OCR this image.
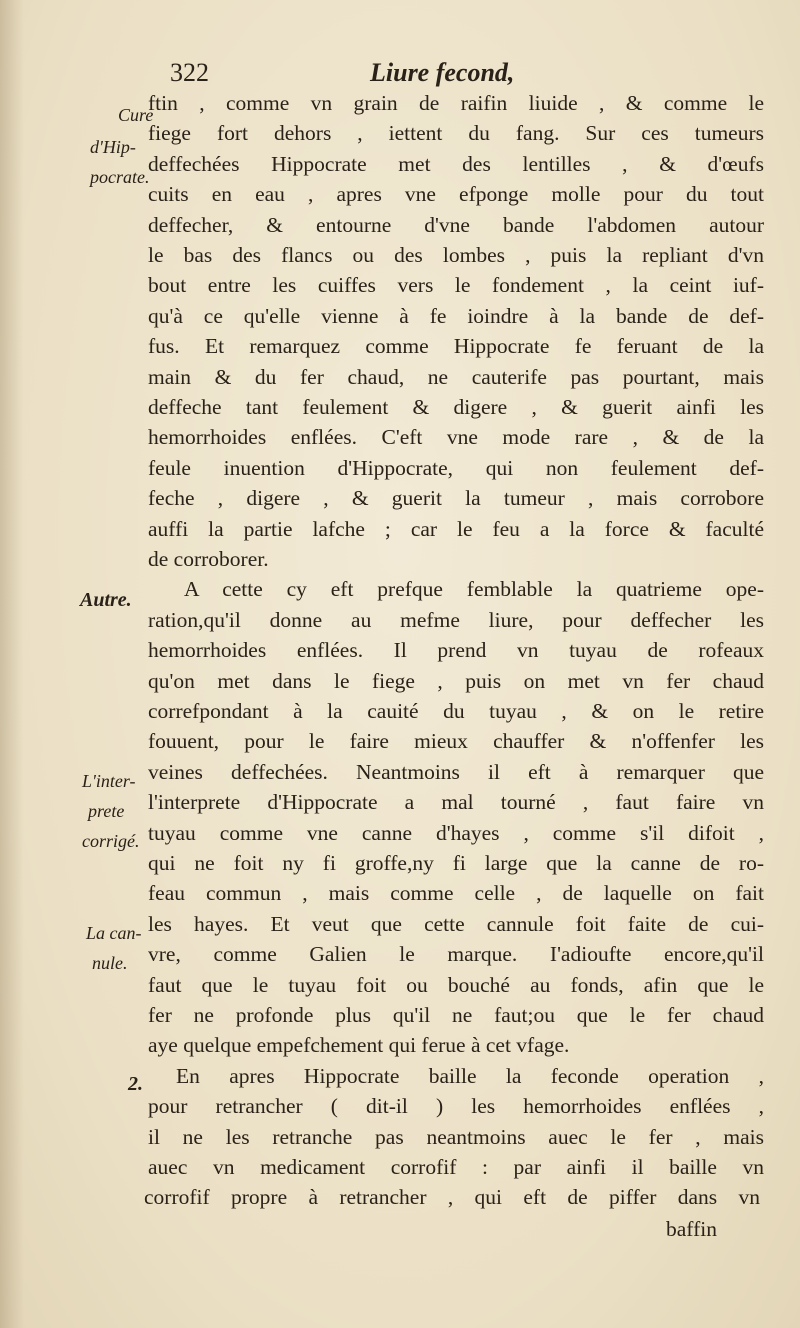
322	Liure fecond,
Cure
d'Hip-
pocrate.
Autre.
L'inter-
prete
corrigé.
La can-
nule.
2.
ftin , comme vn grain de raifin liuide , & comme le
fiege fort dehors , iettent du fang. Sur ces tumeurs
deffechées Hippocrate met des lentilles , & d'œufs
cuits en eau , apres vne efponge molle pour du tout
deffecher, & entourne d'vne bande l'abdomen autour
le bas des flancs ou des lombes , puis la repliant d'vn
bout entre les cuiffes vers le fondement , la ceint iuf-
qu'à ce qu'elle vienne à fe ioindre à la bande de def-
fus. Et remarquez comme Hippocrate fe feruant de la
main & du fer chaud, ne cauterife pas pourtant, mais
deffeche tant feulement & digere , & guerit ainfi les
hemorrhoides enflées. C'eft vne mode rare , & de la
feule inuention d'Hippocrate, qui non feulement def-
feche , digere , & guerit la tumeur , mais corrobore
auffi la partie lafche ; car le feu a la force & faculté
de corroborer.
A cette cy eft prefque femblable la quatrieme ope-
ration,qu'il donne au mefme liure, pour deffecher les
hemorrhoides enflées. Il prend vn tuyau de rofeaux
qu'on met dans le fiege , puis on met vn fer chaud
correfpondant à la cauité du tuyau , & on le retire
fouuent, pour le faire mieux chauffer & n'offenfer les
veines deffechées. Neantmoins il eft à remarquer que
l'interprete d'Hippocrate a mal tourné , faut faire vn
tuyau comme vne canne d'hayes , comme s'il difoit ,
qui ne foit ny fi groffe,ny fi large que la canne de ro-
feau commun , mais comme celle , de laquelle on fait
les hayes. Et veut que cette cannule foit faite de cui-
vre, comme Galien le marque. I'adioufte encore,qu'il
faut que le tuyau foit ou bouché au fonds, afin que le
fer ne profonde plus qu'il ne faut;ou que le fer chaud
aye quelque empefchement qui ferue à cet vfage.
En apres Hippocrate baille la feconde operation ,
pour retrancher ( dit-il ) les hemorrhoides enflées ,
il ne les retranche pas neantmoins auec le fer , mais
auec vn medicament corrofif : par ainfi il baille vn
corrofif propre à retrancher , qui eft de piffer dans vn
baffin
